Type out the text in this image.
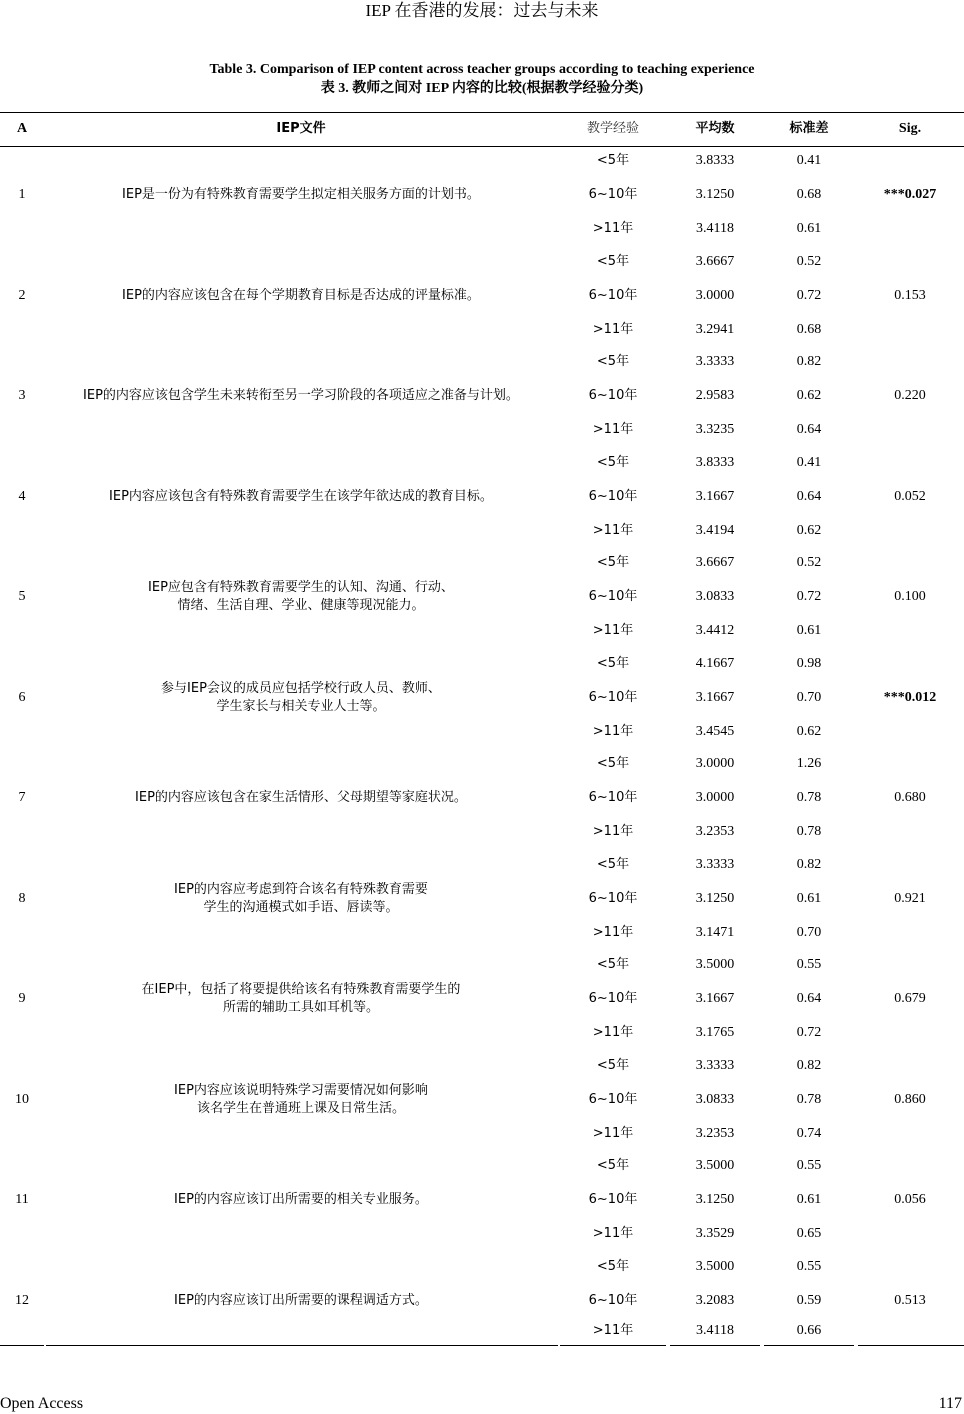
IEP 在香港的发展：过去与未来
Table 3. Comparison of IEP content across teacher groups according to teaching experience
表 3. 教师之间对 IEP 内容的比较(根据教学经验分类)
A	IEP文件	教学经验	平均数	标准差	Sig.
1	IEP是一份为有特殊教育需要学生拟定相关服务方面的计划书。
<5年	3.8333	0.41
6~10年	3.1250	0.68
>11年	3.4118	0.61
***0.027
2	IEP的内容应该包含在每个学期教育目标是否达成的评量标准。
<5年	3.6667	0.52
6~10年	3.0000	0.72
>11年	3.2941	0.68
0.153
3	IEP的内容应该包含学生未来转衔至另一学习阶段的各项适应之准备与计划。
<5年	3.3333	0.82
6~10年	2.9583	0.62
>11年	3.3235	0.64
0.220
4	IEP内容应该包含有特殊教育需要学生在该学年欲达成的教育目标。
<5年	3.8333	0.41
6~10年	3.1667	0.64
>11年	3.4194	0.62
0.052
5
IEP应包含有特殊教育需要学生的认知、沟通、行动、
情绪、生活自理、学业、健康等现况能力。
<5年	3.6667	0.52
6~10年	3.0833	0.72
>11年	3.4412	0.61
0.100
6
参与IEP会议的成员应包括学校行政人员、教师、
学生家长与相关专业人士等。
<5年	4.1667	0.98
6~10年	3.1667	0.70
>11年	3.4545	0.62
***0.012
7	IEP的内容应该包含在家生活情形、父母期望等家庭状况。
<5年	3.0000	1.26
6~10年	3.0000	0.78
>11年	3.2353	0.78
0.680
8
IEP的内容应考虑到符合该名有特殊教育需要
学生的沟通模式如手语、唇读等。
<5年	3.3333	0.82
6~10年	3.1250	0.61
>11年	3.1471	0.70
0.921
9
在IEP中，包括了将要提供给该名有特殊教育需要学生的
所需的辅助工具如耳机等。
<5年	3.5000	0.55
6~10年	3.1667	0.64
>11年	3.1765	0.72
0.679
10
IEP内容应该说明特殊学习需要情况如何影响
该名学生在普通班上课及日常生活。
<5年	3.3333	0.82
6~10年	3.0833	0.78
>11年	3.2353	0.74
0.860
11	IEP的内容应该订出所需要的相关专业服务。
<5年	3.5000	0.55
6~10年	3.1250	0.61
>11年	3.3529	0.65
0.056
12	IEP的内容应该订出所需要的课程调适方式。
<5年	3.5000	0.55
6~10年	3.2083	0.59
>11年	3.4118	0.66
0.513
Open Access	117
